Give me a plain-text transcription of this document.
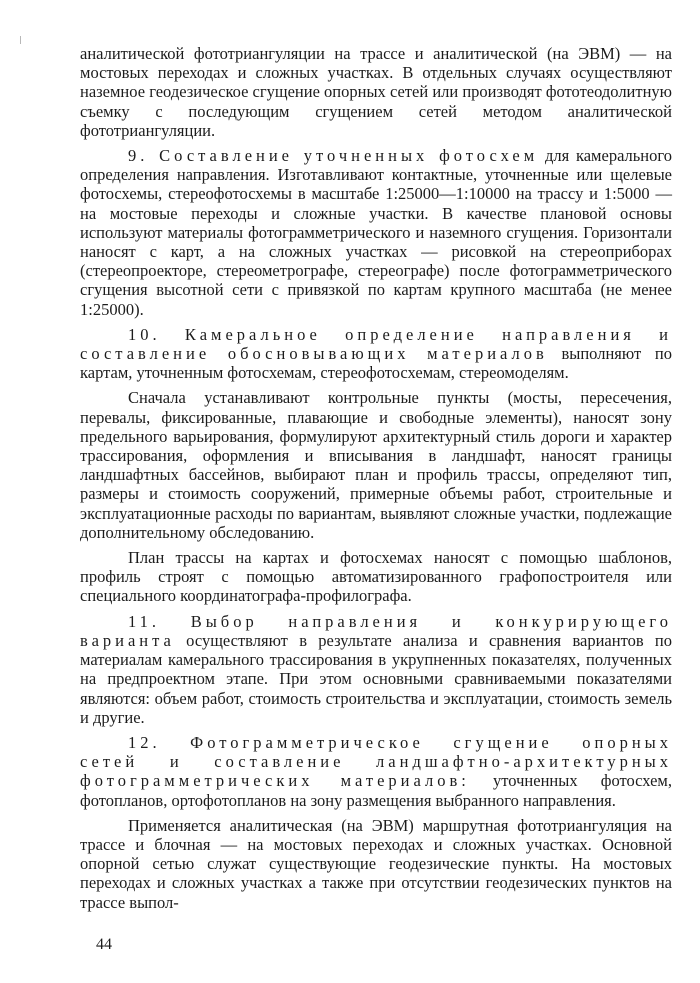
аналитической фототриангуляции на трассе и аналитической (на ЭВМ) — на мостовых переходах и сложных участках. В отдельных случаях осуществляют наземное геодезическое сгущение опорных сетей или производят фототеодолитную съемку с последующим сгущением сетей методом аналитической фототриангуляции.

9. Составление уточненных фотосхем для камерального определения направления. Изготавливают контактные, уточненные или щелевые фотосхемы, стереофотосхемы в масштабе 1:25000—1:10000 на трассу и 1:5000 — на мостовые переходы и сложные участки. В качестве плановой основы используют материалы фотограмметрического и наземного сгущения. Горизонтали наносят с карт, а на сложных участках — рисовкой на стереоприборах (стереопроекторе, стереометрографе, стереографе) после фотограмметрического сгущения высотной сети с привязкой по картам крупного масштаба (не менее 1:25000).

10. Камеральное определение направления и составление обосновывающих материалов выполняют по картам, уточненным фотосхемам, стереофотосхемам, стереомоделям.

Сначала устанавливают контрольные пункты (мосты, пересечения, перевалы, фиксированные, плавающие и свободные элементы), наносят зону предельного варьирования, формулируют архитектурный стиль дороги и характер трассирования, оформления и вписывания в ландшафт, наносят границы ландшафтных бассейнов, выбирают план и профиль трассы, определяют тип, размеры и стоимость сооружений, примерные объемы работ, строительные и эксплуатационные расходы по вариантам, выявляют сложные участки, подлежащие дополнительному обследованию.

План трассы на картах и фотосхемах наносят с помощью шаблонов, профиль строят с помощью автоматизированного графопостроителя или специального координатографа-профилографа.

11. Выбор направления и конкурирующего варианта осуществляют в результате анализа и сравнения вариантов по материалам камерального трассирования в укрупненных показателях, полученных на предпроектном этапе. При этом основными сравниваемыми показателями являются: объем работ, стоимость строительства и эксплуатации, стоимость земель и другие.

12. Фотограмметрическое сгущение опорных сетей и составление ландшафтно-архитектурных фотограмметрических материалов: уточненных фотосхем, фотопланов, ортофотопланов на зону размещения выбранного направления.

Применяется аналитическая (на ЭВМ) маршрутная фототриангуляция на трассе и блочная — на мостовых переходах и сложных участках. Основной опорной сетью служат существующие геодезические пункты. На мостовых переходах и сложных участках а также при отсутствии геодезических пунктов на трассе выпол-

44
